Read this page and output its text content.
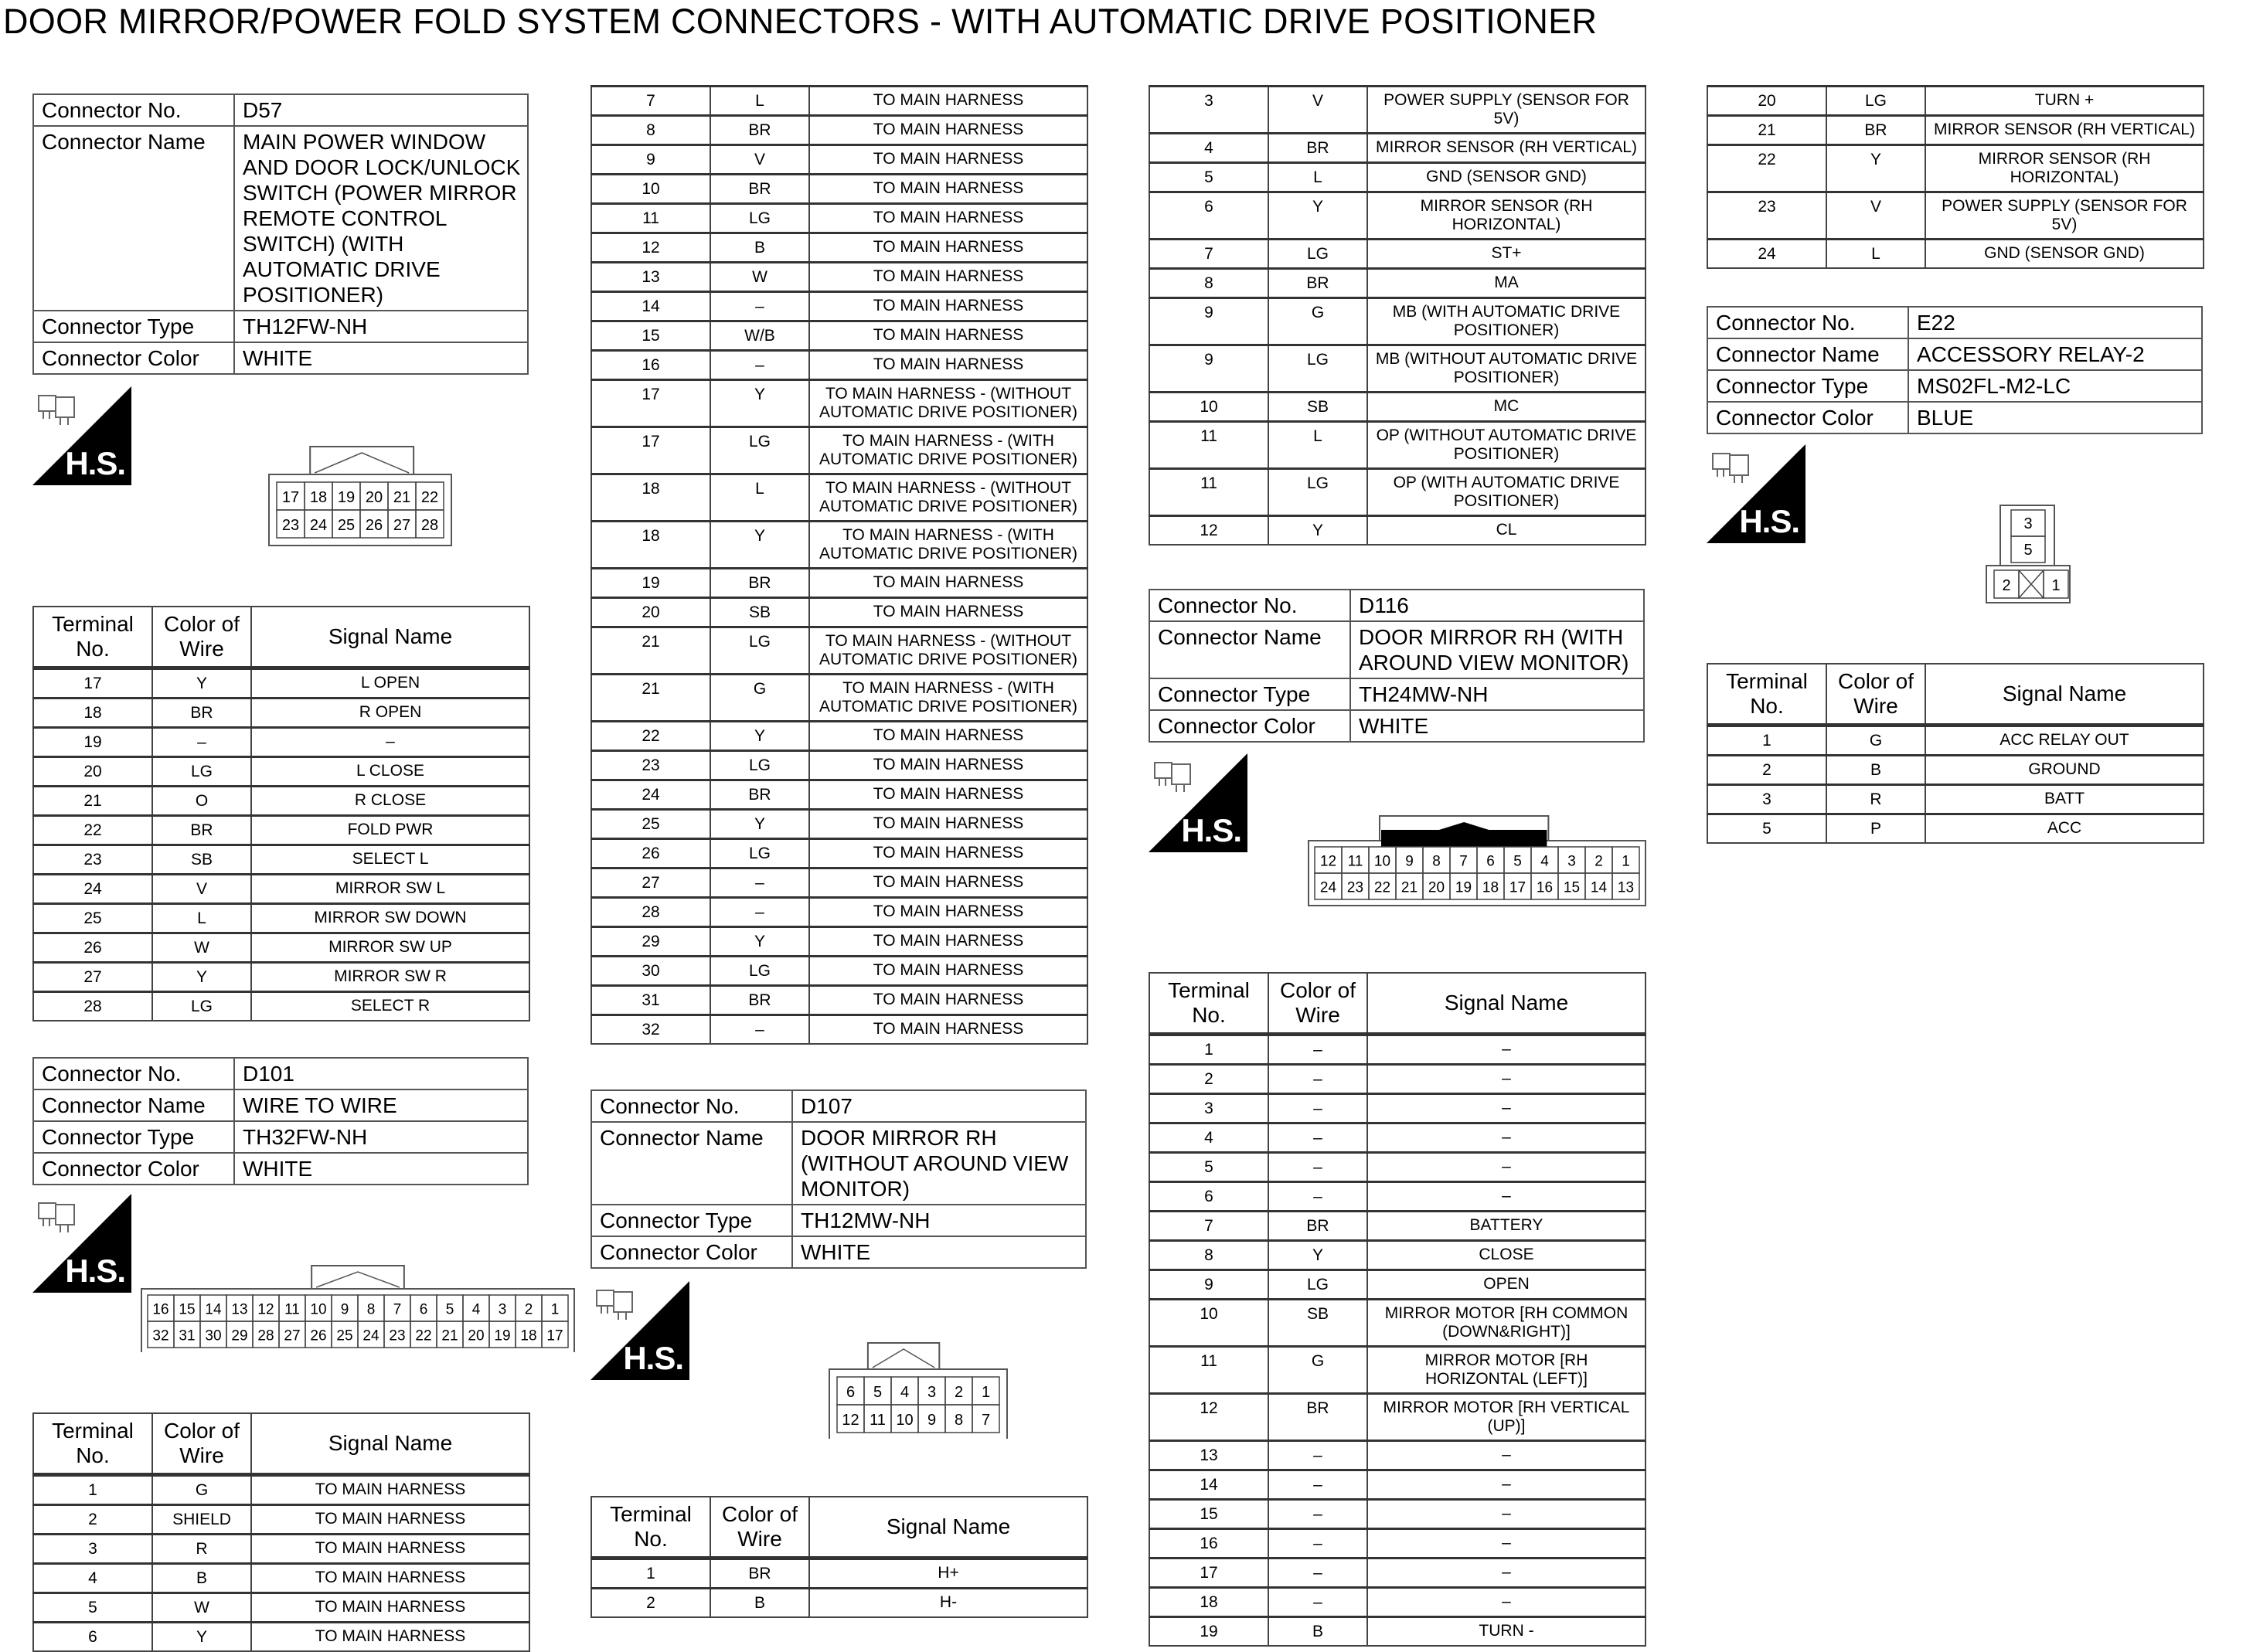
DOOR MIRROR/POWER FOLD SYSTEM CONNECTORS - WITH AUTOMATIC DRIVE POSITIONER
Connector No.	D57
Connector Name	MAIN POWER WINDOW AND DOOR LOCK/UNLOCK SWITCH (POWER MIRROR REMOTE CONTROL SWITCH) (WITH AUTOMATIC DRIVE POSITIONER)
Connector Type	TH12FW-NH
Connector Color	WHITE
H.S.
17 18 19 20 21 22
23 24 25 26 27 28
Terminal No.	Color of Wire	Signal Name
17	Y	L OPEN
18	BR	R OPEN
19	–	–
20	LG	L CLOSE
21	O	R CLOSE
22	BR	FOLD PWR
23	SB	SELECT L
24	V	MIRROR SW L
25	L	MIRROR SW DOWN
26	W	MIRROR SW UP
27	Y	MIRROR SW R
28	LG	SELECT R
Connector No.	D101
Connector Name	WIRE TO WIRE
Connector Type	TH32FW-NH
Connector Color	WHITE
H.S.
16 15 14 13 12 11 10 9 8 7 6 5 4 3 2 1
32 31 30 29 28 27 26 25 24 23 22 21 20 19 18 17
Terminal No.	Color of Wire	Signal Name
1	G	TO MAIN HARNESS
2	SHIELD	TO MAIN HARNESS
3	R	TO MAIN HARNESS
4	B	TO MAIN HARNESS
5	W	TO MAIN HARNESS
6	Y	TO MAIN HARNESS
7	L	TO MAIN HARNESS
8	BR	TO MAIN HARNESS
9	V	TO MAIN HARNESS
10	BR	TO MAIN HARNESS
11	LG	TO MAIN HARNESS
12	B	TO MAIN HARNESS
13	W	TO MAIN HARNESS
14	–	TO MAIN HARNESS
15	W/B	TO MAIN HARNESS
16	–	TO MAIN HARNESS
17	Y	TO MAIN HARNESS - (WITHOUT AUTOMATIC DRIVE POSITIONER)
17	LG	TO MAIN HARNESS - (WITH AUTOMATIC DRIVE POSITIONER)
18	L	TO MAIN HARNESS - (WITHOUT AUTOMATIC DRIVE POSITIONER)
18	Y	TO MAIN HARNESS - (WITH AUTOMATIC DRIVE POSITIONER)
19	BR	TO MAIN HARNESS
20	SB	TO MAIN HARNESS
21	LG	TO MAIN HARNESS - (WITHOUT AUTOMATIC DRIVE POSITIONER)
21	G	TO MAIN HARNESS - (WITH AUTOMATIC DRIVE POSITIONER)
22	Y	TO MAIN HARNESS
23	LG	TO MAIN HARNESS
24	BR	TO MAIN HARNESS
25	Y	TO MAIN HARNESS
26	LG	TO MAIN HARNESS
27	–	TO MAIN HARNESS
28	–	TO MAIN HARNESS
29	Y	TO MAIN HARNESS
30	LG	TO MAIN HARNESS
31	BR	TO MAIN HARNESS
32	–	TO MAIN HARNESS
Connector No.	D107
Connector Name	DOOR MIRROR RH (WITHOUT AROUND VIEW MONITOR)
Connector Type	TH12MW-NH
Connector Color	WHITE
H.S.
6 5 4 3 2 1
12 11 10 9 8 7
Terminal No.	Color of Wire	Signal Name
1	BR	H+
2	B	H-
3	V	POWER SUPPLY (SENSOR FOR 5V)
4	BR	MIRROR SENSOR (RH VERTICAL)
5	L	GND (SENSOR GND)
6	Y	MIRROR SENSOR (RH HORIZONTAL)
7	LG	ST+
8	BR	MA
9	G	MB (WITH AUTOMATIC DRIVE POSITIONER)
9	LG	MB (WITHOUT AUTOMATIC DRIVE POSITIONER)
10	SB	MC
11	L	OP (WITHOUT AUTOMATIC DRIVE POSITIONER)
11	LG	OP (WITH AUTOMATIC DRIVE POSITIONER)
12	Y	CL
Connector No.	D116
Connector Name	DOOR MIRROR RH (WITH AROUND VIEW MONITOR)
Connector Type	TH24MW-NH
Connector Color	WHITE
H.S.
12 11 10 9 8 7 6 5 4 3 2 1
24 23 22 21 20 19 18 17 16 15 14 13
Terminal No.	Color of Wire	Signal Name
1	–	–
2	–	–
3	–	–
4	–	–
5	–	–
6	–	–
7	BR	BATTERY
8	Y	CLOSE
9	LG	OPEN
10	SB	MIRROR MOTOR [RH COMMON (DOWN&RIGHT)]
11	G	MIRROR MOTOR [RH HORIZONTAL (LEFT)]
12	BR	MIRROR MOTOR [RH VERTICAL (UP)]
13	–	–
14	–	–
15	–	–
16	–	–
17	–	–
18	–	–
19	B	TURN -
20	LG	TURN +
21	BR	MIRROR SENSOR (RH VERTICAL)
22	Y	MIRROR SENSOR (RH HORIZONTAL)
23	V	POWER SUPPLY (SENSOR FOR 5V)
24	L	GND (SENSOR GND)
Connector No.	E22
Connector Name	ACCESSORY RELAY-2
Connector Type	MS02FL-M2-LC
Connector Color	BLUE
H.S.	3
5
2	1
Terminal No.	Color of Wire	Signal Name
1	G	ACC RELAY OUT
2	B	GROUND
3	R	BATT
5	P	ACC
